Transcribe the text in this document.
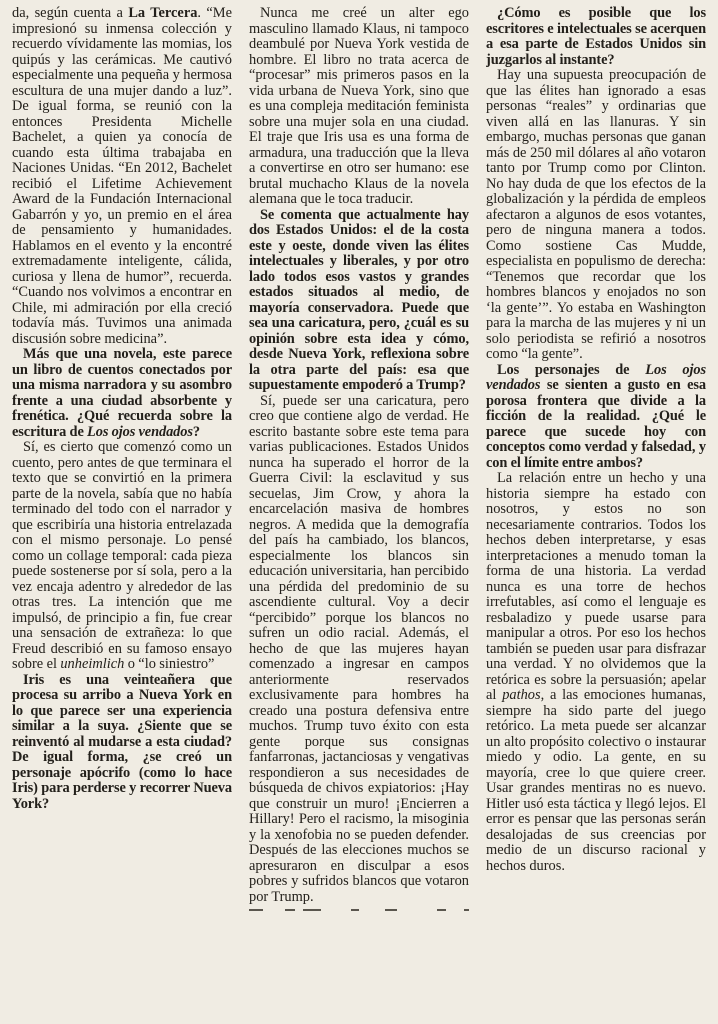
da, según cuenta a La Tercera. “Me impresionó su inmensa colección y recuerdo vívidamente las momias, los quipús y las cerámicas. Me cautivó especialmente una pequeña y hermosa escultura de una mujer dando a luz”. De igual forma, se reunió con la entonces Presidenta Michelle Bachelet, a quien ya conocía de cuando esta última trabajaba en Naciones Unidas. “En 2012, Bachelet recibió el Lifetime Achievement Award de la Fundación Internacional Gabarrón y yo, un premio en el área de pensamiento y humanidades. Hablamos en el evento y la encontré extremadamente inteligente, cálida, curiosa y llena de humor”, recuerda. “Cuando nos volvimos a encontrar en Chile, mi admiración por ella creció todavía más. Tuvimos una animada discusión sobre medicina”.

Más que una novela, este parece un libro de cuentos conectados por una misma narradora y su asombro frente a una ciudad absorbente y frenética. ¿Qué recuerda sobre la escritura de Los ojos vendados?

Sí, es cierto que comenzó como un cuento, pero antes de que terminara el texto que se convirtió en la primera parte de la novela, sabía que no había terminado del todo con el narrador y que escribiría una historia entrelazada con el mismo personaje. Lo pensé como un collage temporal: cada pieza puede sostenerse por sí sola, pero a la vez encaja adentro y alrededor de las otras tres. La intención que me impulsó, de principio a fin, fue crear una sensación de extrañeza: lo que Freud describió en su famoso ensayo sobre el unheimlich o “lo siniestro”

Iris es una veinteañera que procesa su arribo a Nueva York en lo que parece ser una experiencia similar a la suya. ¿Siente que se reinventó al mudarse a esta ciudad? De igual forma, ¿se creó un personaje apócrifo (como lo hace Iris) para perderse y recorrer Nueva York?

Nunca me creé un alter ego masculino llamado Klaus, ni tampoco deambulé por Nueva York vestida de hombre. El libro no trata acerca de “procesar” mis primeros pasos en la vida urbana de Nueva York, sino que es una compleja meditación feminista sobre una mujer sola en una ciudad. El traje que Iris usa es una forma de armadura, una traducción que la lleva a convertirse en otro ser humano: ese brutal muchacho Klaus de la novela alemana que le toca traducir.

Se comenta que actualmente hay dos Estados Unidos: el de la costa este y oeste, donde viven las élites intelectuales y liberales, y por otro lado todos esos vastos y grandes estados situados al medio, de mayoría conservadora. Puede que sea una caricatura, pero, ¿cuál es su opinión sobre esta idea y cómo, desde Nueva York, reflexiona sobre la otra parte del país: esa que supuestamente empoderó a Trump?

Sí, puede ser una caricatura, pero creo que contiene algo de verdad. He escrito bastante sobre este tema para varias publicaciones. Estados Unidos nunca ha superado el horror de la Guerra Civil: la esclavitud y sus secuelas, Jim Crow, y ahora la encarcelación masiva de hombres negros. A medida que la demografía del país ha cambiado, los blancos, especialmente los blancos sin educación universitaria, han percibido una pérdida del predominio de su ascendiente cultural. Voy a decir “percibido” porque los blancos no sufren un odio racial. Además, el hecho de que las mujeres hayan comenzado a ingresar en campos anteriormente reservados exclusivamente para hombres ha creado una postura defensiva entre muchos. Trump tuvo éxito con esta gente porque sus consignas fanfarronas, jactanciosas y vengativas respondieron a sus necesidades de búsqueda de chivos expiatorios: ¡Hay que construir un muro! ¡Encierren a Hillary! Pero el racismo, la misoginia y la xenofobia no se pueden defender. Después de las elecciones muchos se apresuraron en disculpar a esos pobres y sufridos blancos que votaron por Trump.

¿Cómo es posible que los escritores e intelectuales se acerquen a esa parte de Estados Unidos sin juzgarlos al instante?

Hay una supuesta preocupación de que las élites han ignorado a esas personas “reales” y ordinarias que viven allá en las llanuras. Y sin embargo, muchas personas que ganan más de 250 mil dólares al año votaron tanto por Trump como por Clinton. No hay duda de que los efectos de la globalización y la pérdida de empleos afectaron a algunos de esos votantes, pero de ninguna manera a todos. Como sostiene Cas Mudde, especialista en populismo de derecha: “Tenemos que recordar que los hombres blancos y enojados no son ‘la gente’”. Yo estaba en Washington para la marcha de las mujeres y ni un solo periodista se refirió a nosotros como “la gente”.

Los personajes de Los ojos vendados se sienten a gusto en esa porosa frontera que divide a la ficción de la realidad. ¿Qué le parece que sucede hoy con conceptos como verdad y falsedad, y con el límite entre ambos?

La relación entre un hecho y una historia siempre ha estado con nosotros, y estos no son necesariamente contrarios. Todos los hechos deben interpretarse, y esas interpretaciones a menudo toman la forma de una historia. La verdad nunca es una torre de hechos irrefutables, así como el lenguaje es resbaladizo y puede usarse para manipular a otros. Por eso los hechos también se pueden usar para disfrazar una verdad. Y no olvidemos que la retórica es sobre la persuasión; apelar al pathos, a las emociones humanas, siempre ha sido parte del juego retórico. La meta puede ser alcanzar un alto propósito colectivo o instaurar miedo y odio. La gente, en su mayoría, cree lo que quiere creer. Usar grandes mentiras no es nuevo. Hitler usó esta táctica y llegó lejos. El error es pensar que las personas serán desalojadas de sus creencias por medio de un discurso racional y hechos duros.
